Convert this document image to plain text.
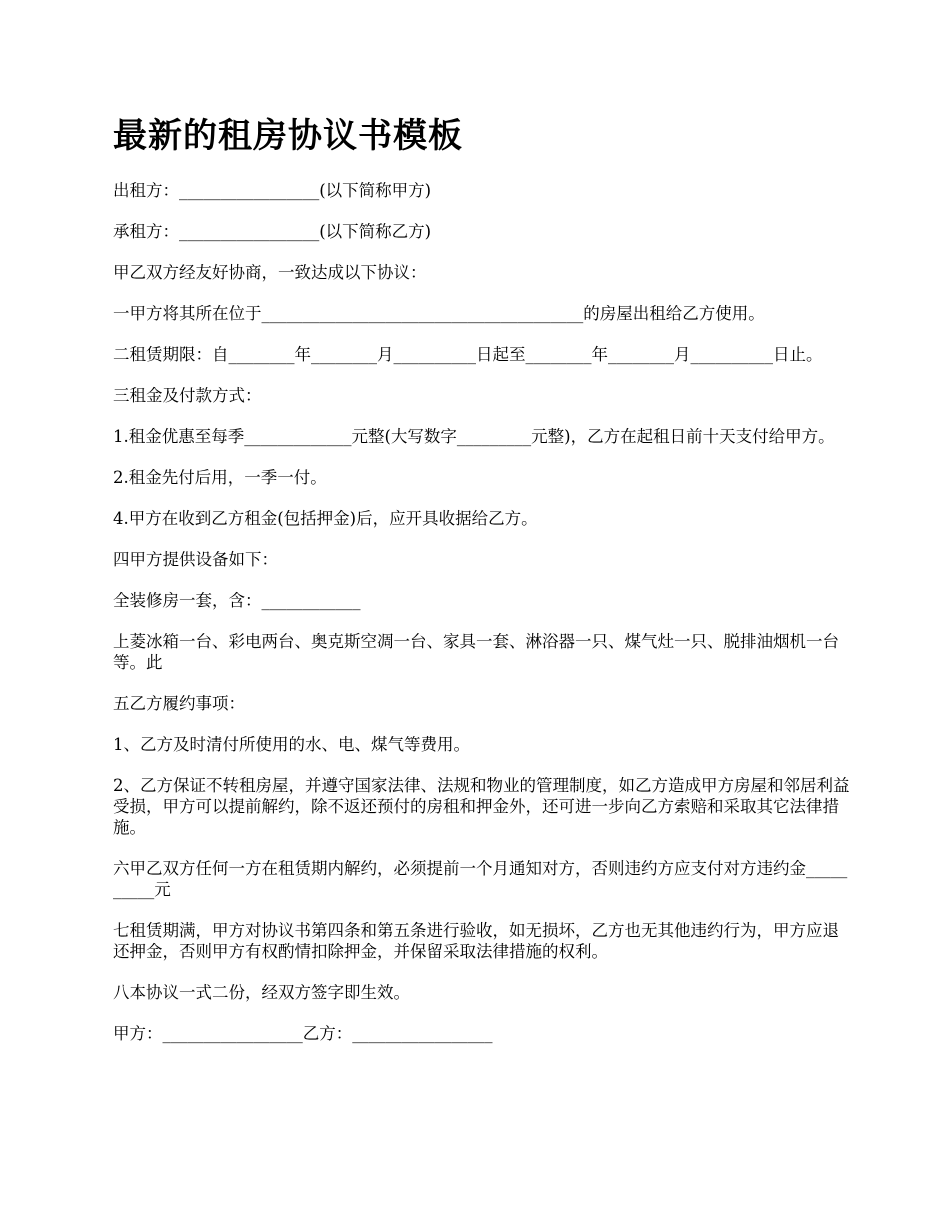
最新的租房协议书模板

出租方：_________________(以下简称甲方)

承租方：_________________(以下简称乙方)

甲乙双方经友好协商，一致达成以下协议：

一甲方将其所在位于_______________________________________的房屋出租给乙方使用。

二租赁期限：自________年________月__________日起至________年________月__________日止。

三租金及付款方式：

1.租金优惠至每季_____________元整(大写数字_________元整)，乙方在起租日前十天支付给甲方。

2.租金先付后用，一季一付。

4.甲方在收到乙方租金(包括押金)后，应开具收据给乙方。

四甲方提供设备如下：

全装修房一套，含：____________

上菱冰箱一台、彩电两台、奥克斯空凋一台、家具一套、淋浴器一只、煤气灶一只、脱排油烟机一台等。此

五乙方履约事项：

1、乙方及时清付所使用的水、电、煤气等费用。

2、乙方保证不转租房屋，并遵守国家法律、法规和物业的管理制度，如乙方造成甲方房屋和邻居利益受损，甲方可以提前解约，除不返还预付的房租和押金外，还可进一步向乙方索赔和采取其它法律措施。

六甲乙双方任何一方在租赁期内解约，必须提前一个月通知对方，否则违约方应支付对方违约金__________元

七租赁期满，甲方对协议书第四条和第五条进行验收，如无损坏，乙方也无其他违约行为，甲方应退还押金，否则甲方有权酌情扣除押金，并保留采取法律措施的权利。

八本协议一式二份，经双方签字即生效。

甲方：_________________乙方：_________________
